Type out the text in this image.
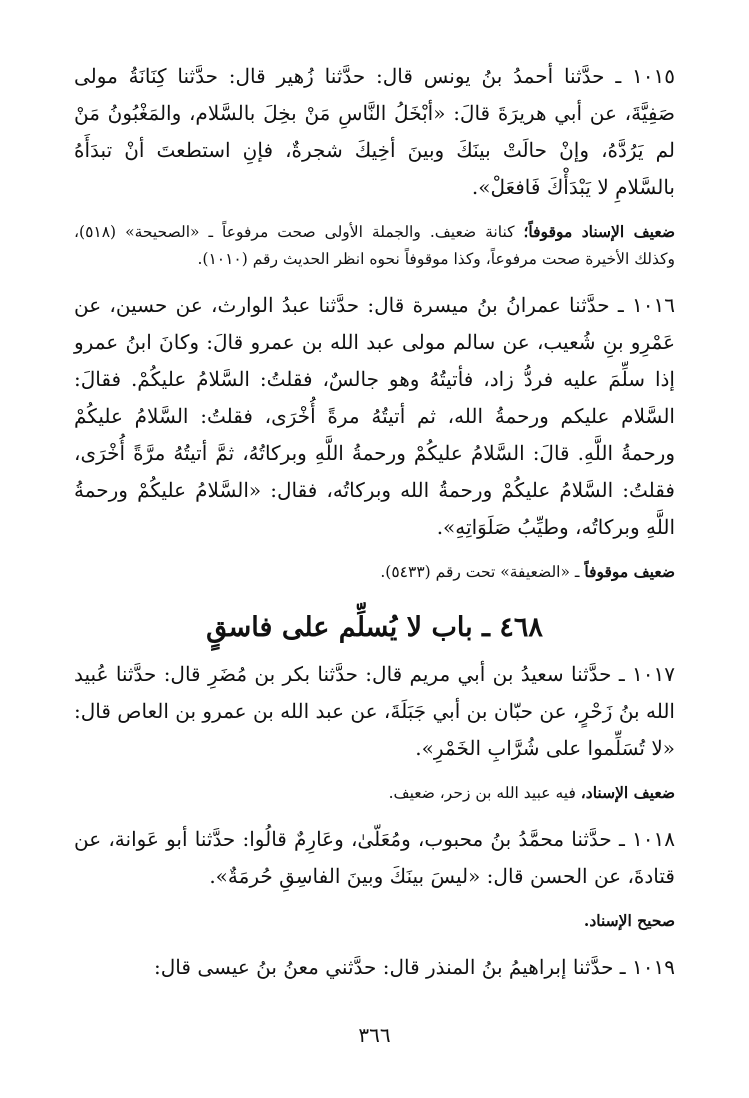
١٠١٥ ـ حدَّثنا أحمدُ بنُ يونس قال: حدَّثنا زُهير قال: حدَّثنا كِنَانَةُ مولى صَفِيَّةَ، عن أبي هريرَةَ قالَ: «أبْخَلُ النَّاسِ مَنْ بخِلَ بالسَّلام، والمَغْبُونُ مَنْ لم يَرُدَّهُ، وإنْ حالَتْ بينَكَ وبينَ أخِيكَ شجرةٌ، فإنِ استطعتَ أنْ تبدَأَهُ بالسَّلامِ لا يَبْدَأْكَ فَافعَلْ».

ضعيف الإسناد موقوفاً؛ كنانة ضعيف. والجملة الأولى صحت مرفوعاً ـ «الصحيحة» (٥١٨)، وكذلك الأخيرة صحت مرفوعاً، وكذا موقوفاً نحوه انظر الحديث رقم (١٠١٠).

١٠١٦ ـ حدَّثنا عمرانُ بنُ ميسرة قال: حدَّثنا عبدُ الوارث، عن حسين، عن عَمْرِو بنِ شُعيب، عن سالم مولى عبد الله بن عمرو قالَ: وكانَ ابنُ عمرو إذا سلِّمَ عليه فردُّ زاد، فأتيتُهُ وهو جالسٌ، فقلتُ: السَّلامُ عليكُمْ. فقالَ: السَّلام عليكم ورحمةُ الله، ثم أتيتُهُ مرةً أُخْرَى، فقلتُ: السَّلامُ عليكُمْ ورحمةُ اللَّهِ. قالَ: السَّلامُ عليكُمْ ورحمةُ اللَّهِ وبركاتُهُ، ثمَّ أتيتُهُ مرَّةً أُخْرَى، فقلتُ: السَّلامُ عليكُمْ ورحمةُ الله وبركاتُه، فقال: «السَّلامُ عليكُمْ ورحمةُ اللَّهِ وبركاتُه، وطيِّبُ صَلَوَاتِهِ».

ضعيف موقوفاً ـ «الضعيفة» تحت رقم (٥٤٣٣).

٤٦٨ ـ باب لا يُسلِّم على فاسقٍ

١٠١٧ ـ حدَّثنا سعيدُ بن أبي مريم قال: حدَّثنا بكر بن مُضَرِ قال: حدَّثنا عُبيد الله بنُ زَحْرٍ، عن حبّان بن أبي جَبَلَةَ، عن عبد الله بن عمرو بن العاص قال: «لا تُسَلِّموا على شُرَّابِ الخَمْرِ».

ضعيف الإسناد، فيه عبيد الله بن زحر، ضعيف.

١٠١٨ ـ حدَّثنا محمَّدُ بنُ محبوب، ومُعَلّىٰ، وعَارِمٌ قالُوا: حدَّثنا أبو عَوانة، عن قتادةَ، عن الحسن قال: «ليسَ بينَكَ وبينَ الفاسِقِ حُرمَةٌ».

صحيح الإسناد.

١٠١٩ ـ حدَّثنا إبراهيمُ بنُ المنذر قال: حدَّثني معنُ بنُ عيسى قال:

٣٦٦
